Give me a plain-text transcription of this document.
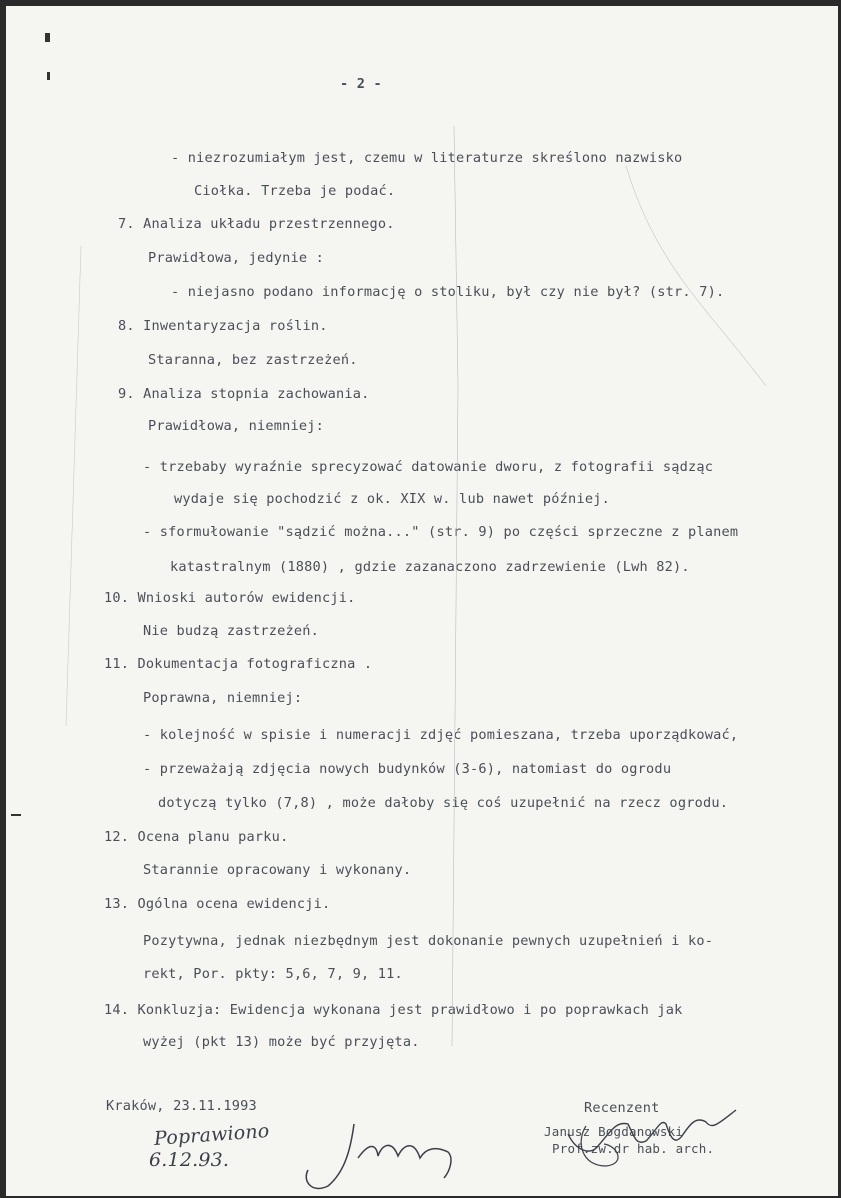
- 2 -
- niezrozumiałym jest, czemu w literaturze skreślono nazwisko
Ciołka. Trzeba je podać.
7. Analiza układu przestrzennego.
Prawidłowa, jedynie :
- niejasno podano informację o stoliku, był czy nie był? (str. 7).
8. Inwentaryzacja roślin.
Staranna, bez zastrzeżeń.
9. Analiza stopnia zachowania.
Prawidłowa, niemniej:
- trzebaby wyraźnie sprecyzować datowanie dworu, z fotografii sądząc
wydaje się pochodzić z ok. XIX w. lub nawet później.
- sformułowanie "sądzić można..." (str. 9) po części sprzeczne z planem
katastralnym (1880) , gdzie zazanaczono zadrzewienie (Lwh 82).
10. Wnioski autorów ewidencji.
Nie budzą zastrzeżeń.
11. Dokumentacja fotograficzna .
Poprawna, niemniej:
- kolejność w spisie i numeracji zdjęć pomieszana, trzeba uporządkować,
- przeważają zdjęcia nowych budynków (3-6), natomiast do ogrodu
dotyczą tylko (7,8) , może dałoby się coś uzupełnić na rzecz ogrodu.
12. Ocena planu parku.
Starannie opracowany i wykonany.
13. Ogólna ocena ewidencji.
Pozytywna, jednak niezbędnym jest dokonanie pewnych uzupełnień i ko-
rekt, Por. pkty: 5,6, 7, 9, 11.
14. Konkluzja: Ewidencja wykonana jest prawidłowo i po poprawkach jak
wyżej (pkt 13) może być przyjęta.
Kraków, 23.11.1993	Recenzent
Janusz Bogdanowski
Prof.zw.dr hab. arch.
Poprawiono
6.12.93.
